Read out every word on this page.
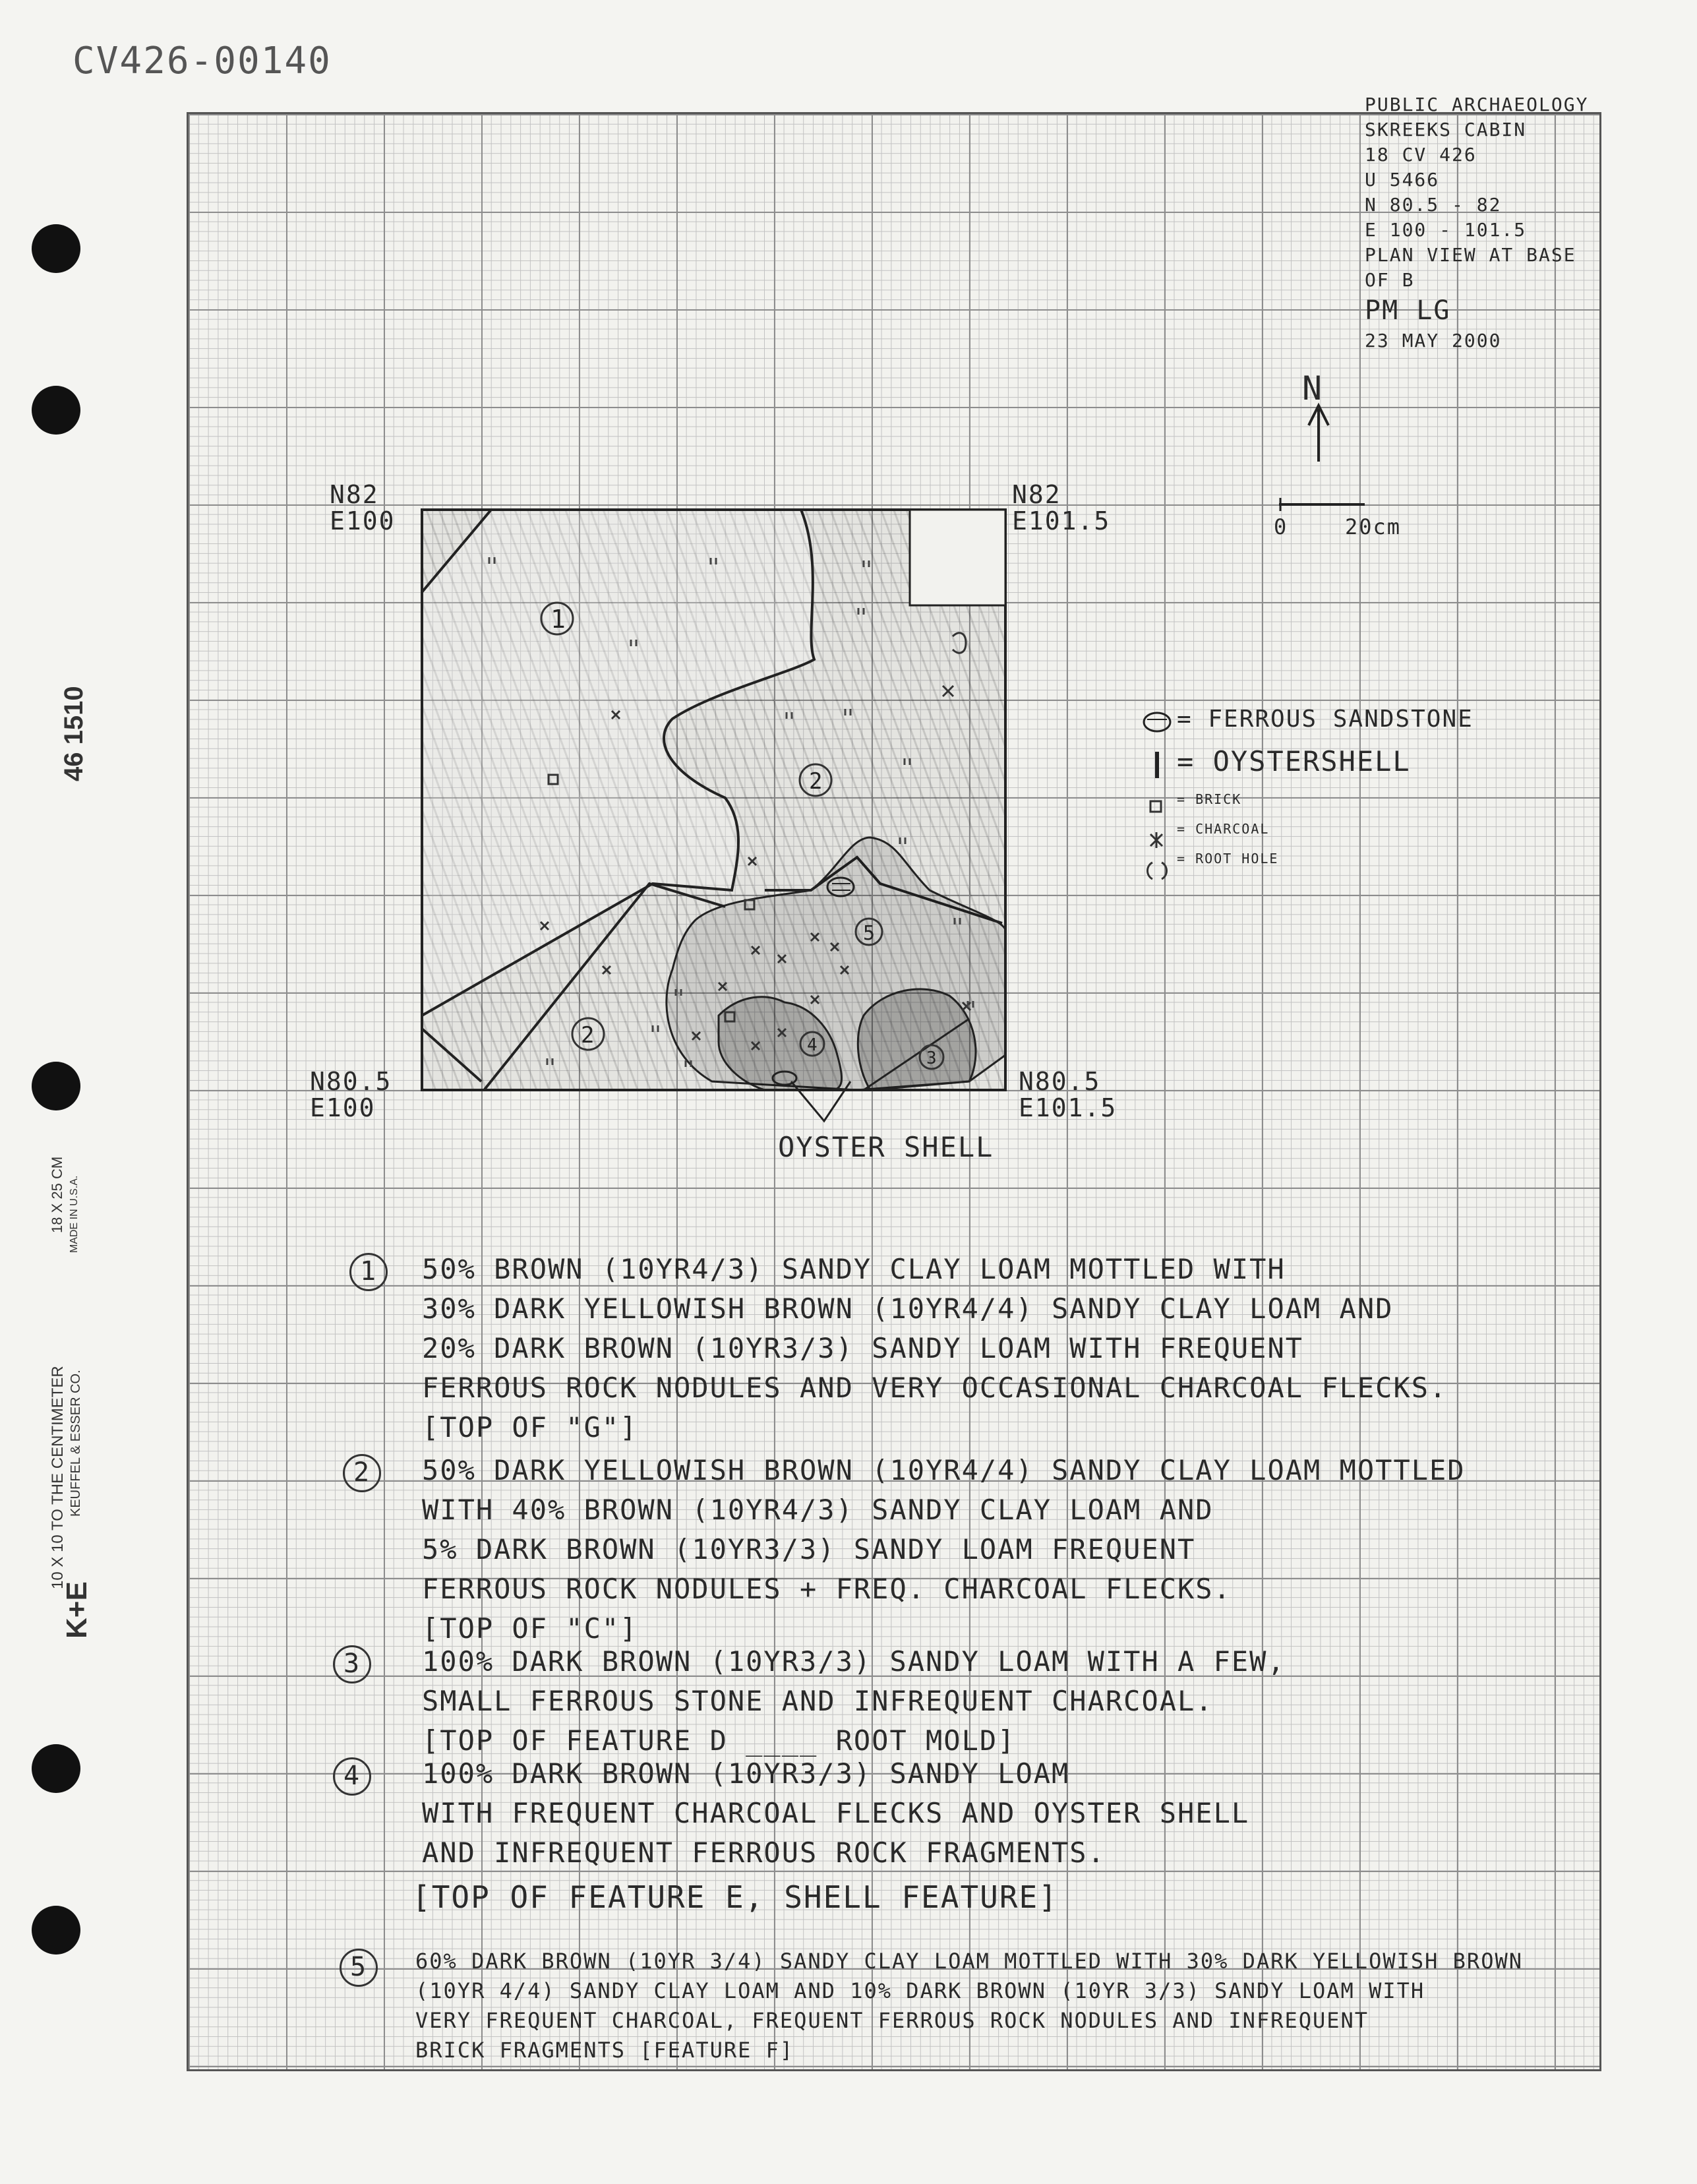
CV426-00140
46 1510
K+E
10 X 10 TO THE CENTIMETER KEUFFEL & ESSER CO.
MADE IN U.S.A.
18 X 25 CM
PUBLIC ARCHAEOLOGY
SKREEKS CABIN
18 CV 426
U 5466
N 80.5 - 82
E 100 - 101.5
PLAN VIEW AT BASE
OF B
PM LG
23 MAY 2000
1
2
2
5
4
3
N
0	20cm
N82
E100
N82
E101.5
N80.5
E100
N80.5
E101.5
OYSTER SHELL
= FERROUS SANDSTONE
= OYSTERSHELL
= BRICK
= CHARCOAL
= ROOT HOLE
1	50% BROWN (10YR4/3) SANDY CLAY LOAM MOTTLED WITH
30% DARK YELLOWISH BROWN (10YR4/4) SANDY CLAY LOAM AND
20% DARK BROWN (10YR3/3) SANDY LOAM WITH FREQUENT
FERROUS ROCK NODULES AND VERY OCCASIONAL CHARCOAL FLECKS.
[TOP OF "G"]
2	50% DARK YELLOWISH BROWN (10YR4/4) SANDY CLAY LOAM MOTTLED
WITH 40% BROWN (10YR4/3) SANDY CLAY LOAM AND
5% DARK BROWN (10YR3/3) SANDY LOAM FREQUENT
FERROUS ROCK NODULES + FREQ. CHARCOAL FLECKS.
[TOP OF "C"]
3	100% DARK BROWN (10YR3/3) SANDY LOAM WITH A FEW,
SMALL FERROUS STONE AND INFREQUENT CHARCOAL.
[TOP OF FEATURE D ____ ROOT MOLD]
4	100% DARK BROWN (10YR3/3) SANDY LOAM
WITH FREQUENT CHARCOAL FLECKS AND OYSTER SHELL
AND INFREQUENT FERROUS ROCK FRAGMENTS.
[TOP OF FEATURE E, SHELL FEATURE]
5	60% DARK BROWN (10YR 3/4) SANDY CLAY LOAM MOTTLED WITH 30% DARK YELLOWISH BROWN
(10YR 4/4) SANDY CLAY LOAM AND 10% DARK BROWN (10YR 3/3) SANDY LOAM WITH
VERY FREQUENT CHARCOAL, FREQUENT FERROUS ROCK NODULES AND INFREQUENT
BRICK FRAGMENTS [FEATURE F]
